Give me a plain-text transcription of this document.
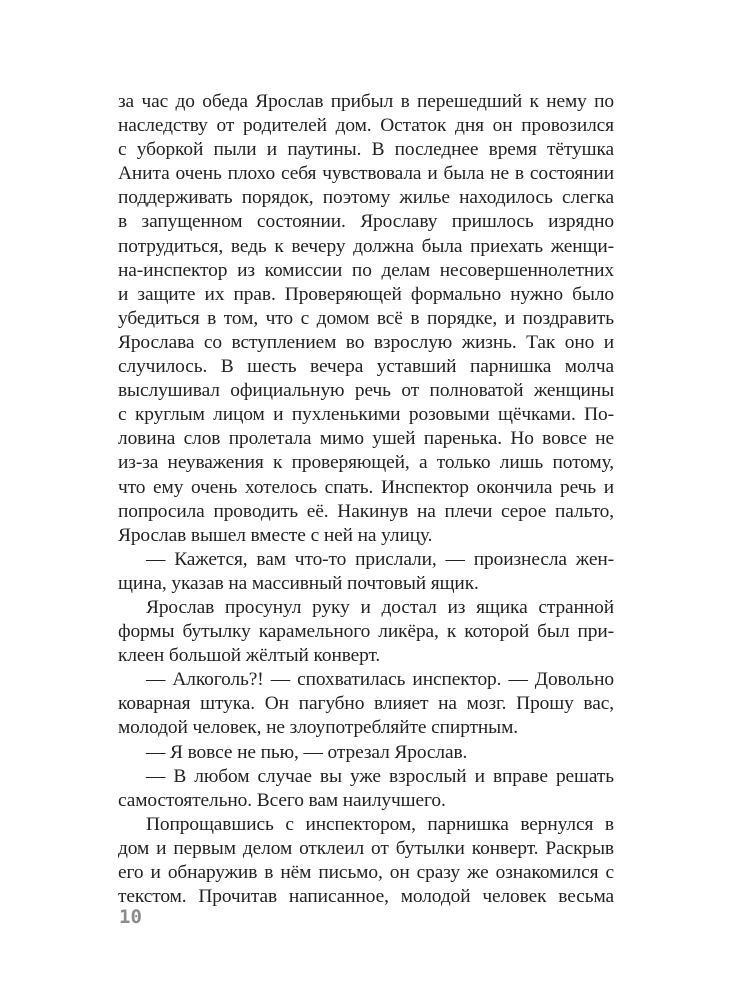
за час до обеда Ярослав прибыл в перешедший к нему по
наследству от родителей дом. Остаток дня он провозился
с уборкой пыли и паутины. В последнее время тётушка
Анита очень плохо себя чувствовала и была не в состоянии
поддерживать порядок, поэтому жилье находилось слегка
в запущенном состоянии. Ярославу пришлось изрядно
потрудиться, ведь к вечеру должна была приехать женщи-
на-инспектор из комиссии по делам несовершеннолетних
и защите их прав. Проверяющей формально нужно было
убедиться в том, что с домом всё в порядке, и поздравить
Ярослава со вступлением во взрослую жизнь. Так оно и
случилось. В шесть вечера уставший парнишка молча
выслушивал официальную речь от полноватой женщины
с круглым лицом и пухленькими розовыми щёчками. По-
ловина слов пролетала мимо ушей паренька. Но вовсе не
из-за неуважения к проверяющей, а только лишь потому,
что ему очень хотелось спать. Инспектор окончила речь и
попросила проводить её. Накинув на плечи серое пальто,
Ярослав вышел вместе с ней на улицу.
— Кажется, вам что-то прислали, — произнесла жен-
щина, указав на массивный почтовый ящик.
Ярослав просунул руку и достал из ящика странной
формы бутылку карамельного ликёра, к которой был при-
клеен большой жёлтый конверт.
— Алкоголь?! — спохватилась инспектор. — Довольно
коварная штука. Он пагубно влияет на мозг. Прошу вас,
молодой человек, не злоупотребляйте спиртным.
— Я вовсе не пью, — отрезал Ярослав.
— В любом случае вы уже взрослый и вправе решать
самостоятельно. Всего вам наилучшего.
Попрощавшись с инспектором, парнишка вернулся в
дом и первым делом отклеил от бутылки конверт. Раскрыв
его и обнаружив в нём письмо, он сразу же ознакомился с
текстом. Прочитав написанное, молодой человек весьма
10
